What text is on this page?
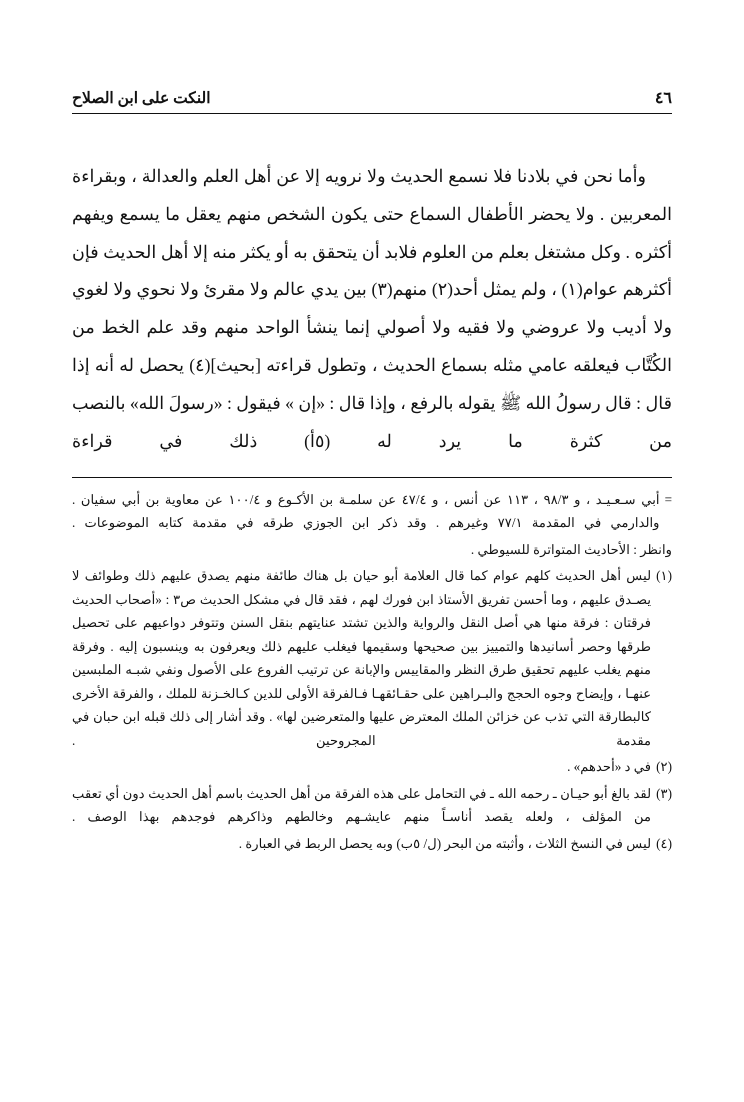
النكت على ابن الصلاح	٤٦

وأما نحن في بلادنا فلا نسمع الحديث ولا نرويه إلا عن أهل العلم والعدالة ، وبقراءة المعربين . ولا يحضر الأطفال السماع حتى يكون الشخص منهم يعقل ما يسمع ويفهم أكثره . وكل مشتغل بعلم من العلوم فلابد أن يتحقق به أو يكثر منه إلا أهل الحديث فإن أكثرهم عوام(١) ، ولم يمثل أحد(٢) منهم(٣) بين يدي عالم ولا مقرئ ولا نحوي ولا لغوي ولا أديب ولا عروضي ولا فقيه ولا أصولي إنما ينشأ الواحد منهم وقد علم الخط من الكُتَّاب فيعلقه عامي مثله بسماع الحديث ، وتطول قراءته [بحيث](٤) يحصل له أنه إذا قال : قال رسولُ الله ﷺ يقوله بالرفع ، وإذا قال : «إن » فيقول : «رسولَ الله» بالنصب من كثرة ما يرد له (٥أ) ذلك في قراءة

=
أبي سـعـيـد ، و ٩٨/٣ ، ١١٣ عن أنس ، و ٤٧/٤ عن سلمـة بن الأكـوع و ١٠٠/٤ عن معاوية بن أبي سفيان . والدارمي في المقدمة ٧٧/١ وغيرهم . وقد ذكر ابن الجوزي طرقه في مقدمة كتابه الموضوعات .
وانظر : الأحاديث المتواترة للسيوطي .
(١)
ليس أهل الحديث كلهم عوام كما قال العلامة أبو حيان بل هناك طائفة منهم يصدق عليهم ذلك وطوائف لا يصـدق عليهم ، وما أحسن تفريق الأستاذ ابن فورك لهم ، فقد قال في مشكل الحديث ص٣ : «أصحاب الحديث فرقتان : فرقة منها هي أصل النقل والرواية والذين تشتد عنايتهم بنقل السنن وتتوفر دواعيهم على تحصيل طرقها وحصر أسانيدها والتمييز بين صحيحها وسقيمها فيغلب عليهم ذلك ويعرفون به وينسبون إليه . وفرقة منهم يغلب عليهم تحقيق طرق النظر والمقاييس والإبانة عن ترتيب الفروع على الأصول ونفي شبـه الملبسين عنهـا ، وإيضاح وجوه الحجج والبـراهين على حقـائقهـا فـالفرقة الأولى للدين كـالخـزنة للملك ، والفرقة الأخرى كالبطارقة التي تذب عن خزائن الملك المعترض عليها والمتعرضين لها» . وقد أشار إلى ذلك قبله ابن حبان في مقدمة المجروحين .
(٢)
في د «أحدهم» .
(٣)
لقد بالغ أبو حيـان ـ رحمه الله ـ في التحامل على هذه الفرقة من أهل الحديث باسم أهل الحديث دون أي تعقب من المؤلف ، ولعله يقصد أناسـاً منهم عايشـهم وخالطهم وذاكرهم فوجدهم بهذا الوصف .
(٤)
ليس في النسخ الثلاث ، وأثبته من البحر (ل/ ٥ب) وبه يحصل الربط في العبارة .
